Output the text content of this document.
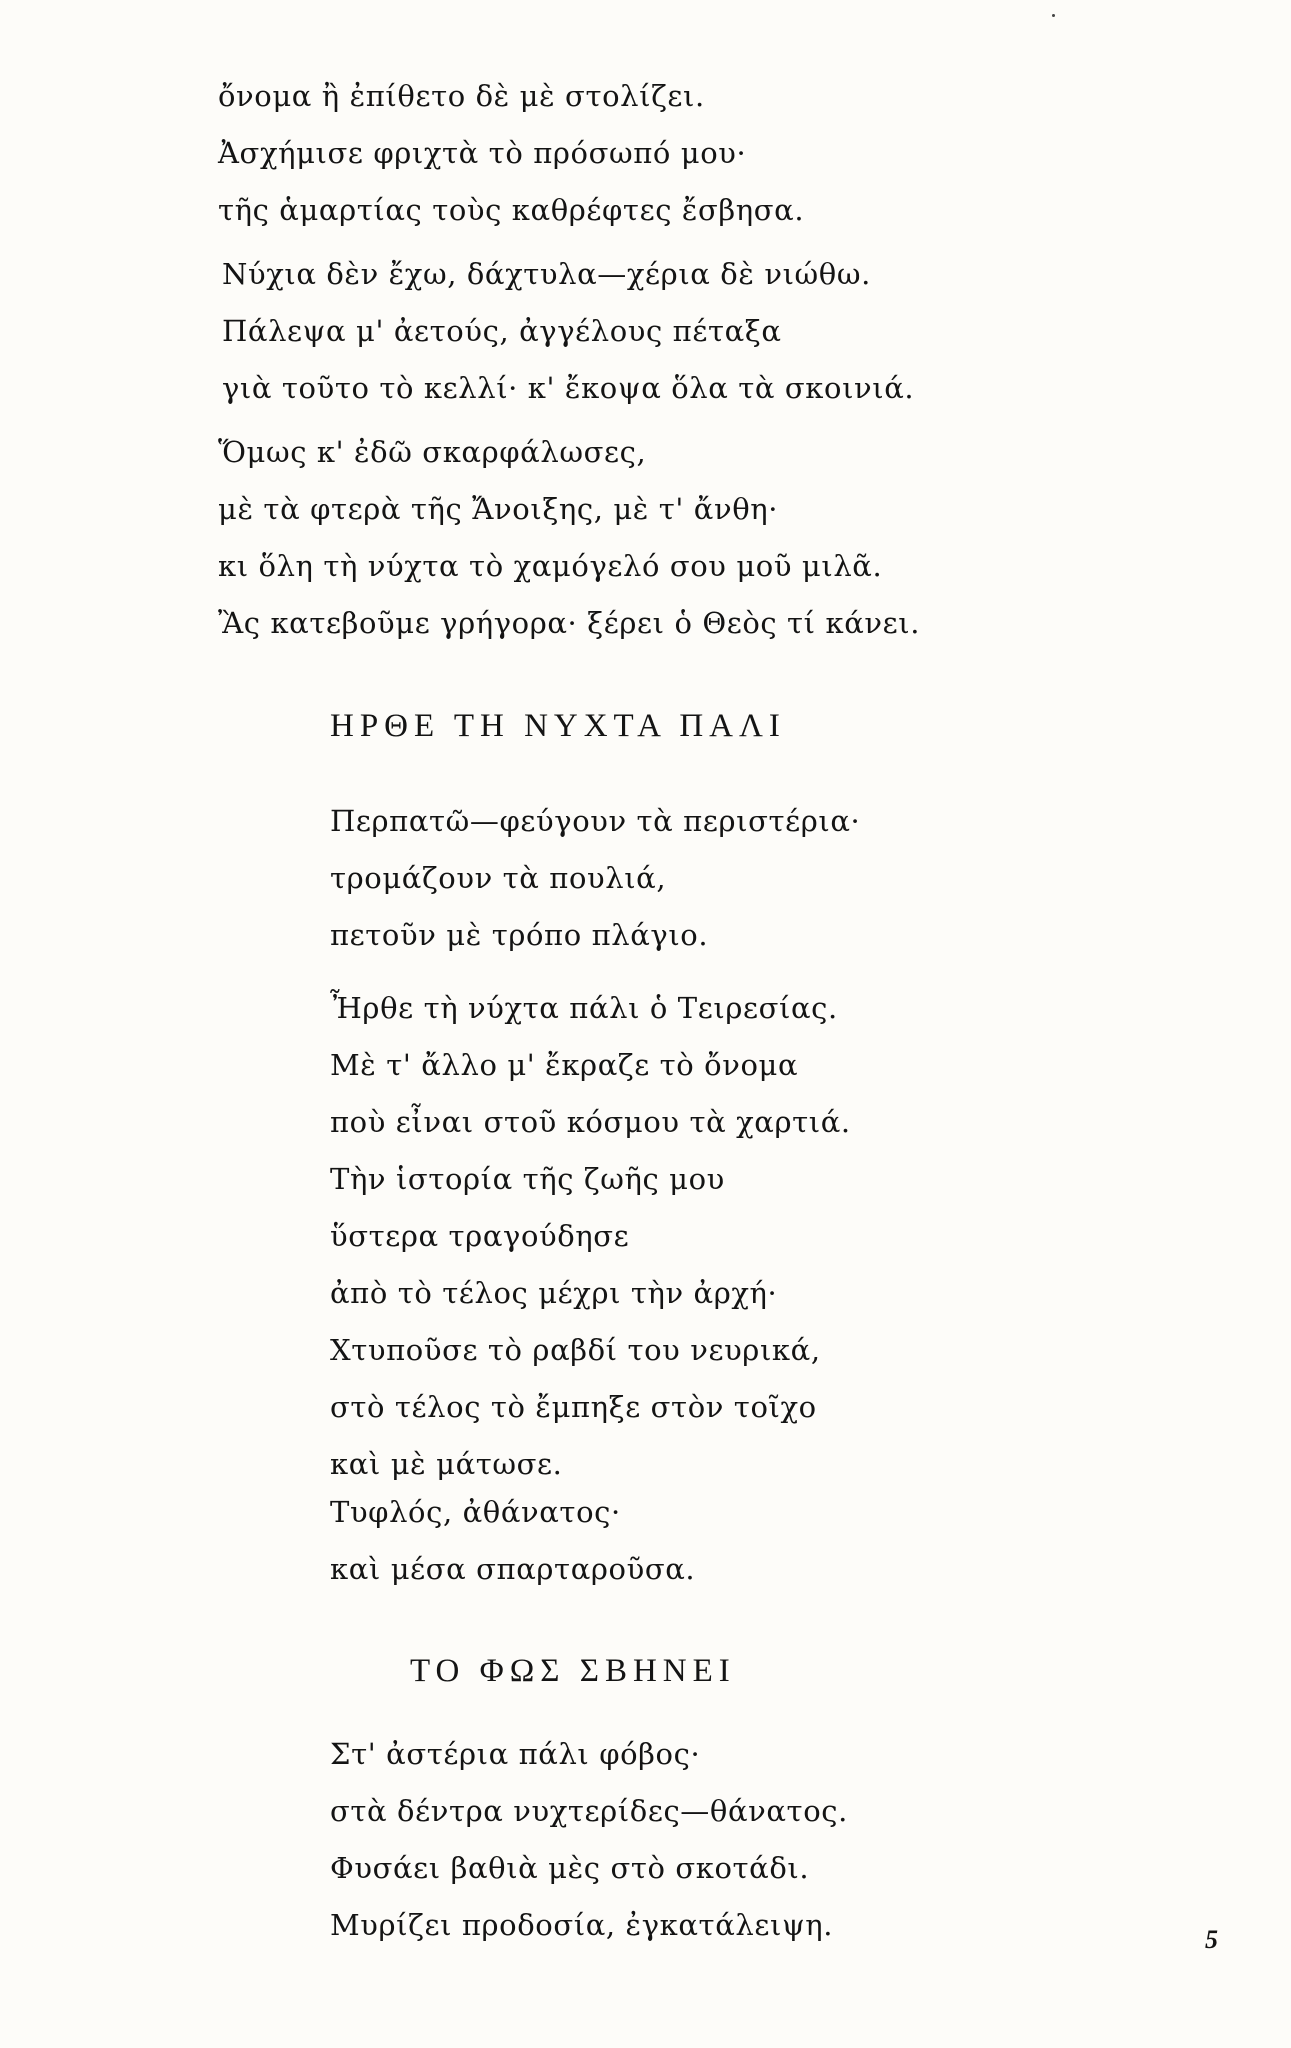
ὄνομα ἢ ἐπίθετο δὲ μὲ στολίζει.
Ἀσχήμισε φριχτὰ τὸ πρόσωπό μου·
τῆς ἁμαρτίας τοὺς καθρέφτες ἔσβησα.
Νύχια δὲν ἔχω, δάχτυλα—χέρια δὲ νιώθω.
Πάλεψα μ' ἀετούς, ἀγγέλους πέταξα
γιὰ τοῦτο τὸ κελλί· κ' ἔκοψα ὅλα τὰ σκοινιά.
Ὅμως κ' ἐδῶ σκαρφάλωσες,
μὲ τὰ φτερὰ τῆς Ἄνοιξης, μὲ τ' ἄνθη·
κι ὅλη τὴ νύχτα τὸ χαμόγελό σου μοῦ μιλᾶ.
Ἂς κατεβοῦμε γρήγορα· ξέρει ὁ Θεὸς τί κάνει.
ΗΡΘΕ ΤΗ ΝΥΧΤΑ ΠΑΛΙ
Περπατῶ—φεύγουν τὰ περιστέρια·
τρομάζουν τὰ πουλιά,
πετοῦν μὲ τρόπο πλάγιο.
Ἦρθε τὴ νύχτα πάλι ὁ Τειρεσίας.
Μὲ τ' ἄλλο μ' ἔκραζε τὸ ὄνομα
ποὺ εἶναι στοῦ κόσμου τὰ χαρτιά.
Τὴν ἱστορία τῆς ζωῆς μου
ὕστερα τραγούδησε
ἀπὸ τὸ τέλος μέχρι τὴν ἀρχή·
Χτυποῦσε τὸ ραβδί του νευρικά,
στὸ τέλος τὸ ἔμπηξε στὸν τοῖχο
καὶ μὲ μάτωσε.
Τυφλός, ἀθάνατος·
καὶ μέσα σπαρταροῦσα.
ΤΟ ΦΩΣ ΣΒΗΝΕΙ
Στ' ἀστέρια πάλι φόβος·
στὰ δέντρα νυχτερίδες—θάνατος.
Φυσάει βαθιὰ μὲς στὸ σκοτάδι.
Μυρίζει προδοσία, ἐγκατάλειψη.	5
